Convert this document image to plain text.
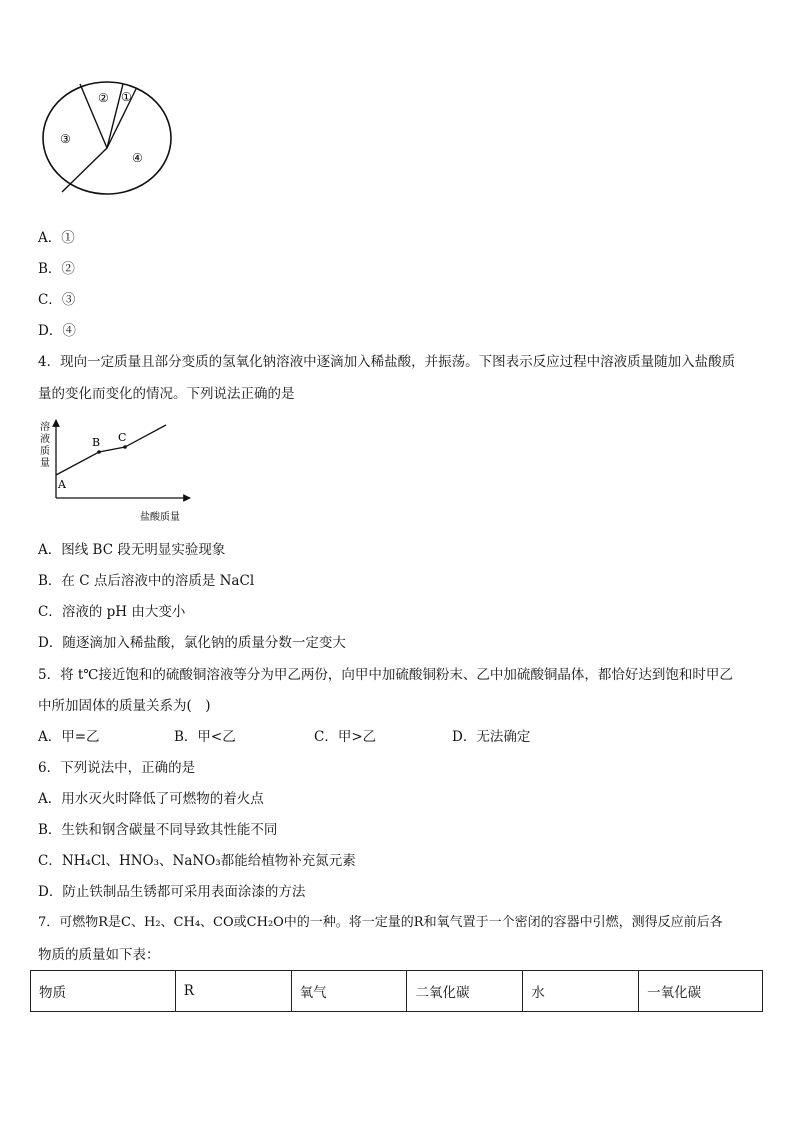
② ①
③
④
A．①
B．②
C．③
D．④
4．现向一定质量且部分变质的氢氧化钠溶液中逐滴加入稀盐酸，并振荡。下图表示反应过程中溶液质量随加入盐酸质
量的变化而变化的情况。下列说法正确的是
溶
液
质
量
A
B C
盐酸质量
A．图线 BC 段无明显实验现象
B．在 C 点后溶液中的溶质是 NaCl
C．溶液的 pH 由大变小
D．随逐滴加入稀盐酸，氯化钠的质量分数一定变大
5．将 t℃接近饱和的硫酸铜溶液等分为甲乙两份，向甲中加硫酸铜粉末、乙中加硫酸铜晶体，都恰好达到饱和时甲乙
中所加固体的质量关系为(　)
A．甲=乙	B．甲<乙	C．甲>乙	D．无法确定
6．下列说法中，正确的是
A．用水灭火时降低了可燃物的着火点
B．生铁和钢含碳量不同导致其性能不同
C．NH₄Cl、HNO₃、NaNO₃都能给植物补充氮元素
D．防止铁制品生锈都可采用表面涂漆的方法
7．可燃物R是C、H₂、CH₄、CO或CH₂O中的一种。将一定量的R和氧气置于一个密闭的容器中引燃，测得反应前后各
物质的质量如下表：
物质	R	氧气	二氧化碳	水	一氧化碳
